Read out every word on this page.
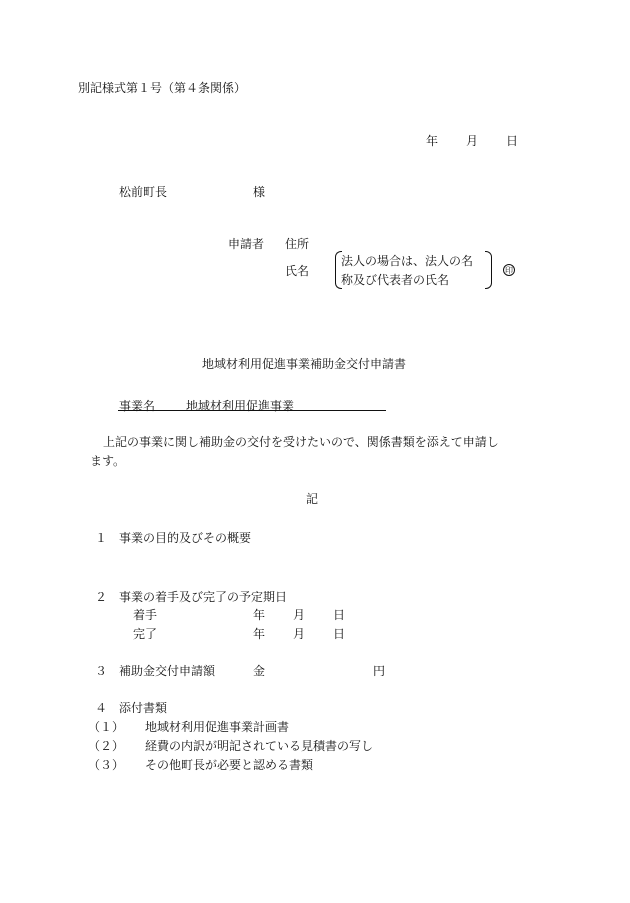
別記様式第１号（第４条関係）
年 月 日
松前町長	様
申請者 住所
氏名
法人の場合は、法人の名
称及び代表者の氏名
印
地域材利用促進事業補助金交付申請書
事業名	地域材利用促進事業
上記の事業に関し補助金の交付を受けたいので、関係書類を添えて申請し
ます。
記
１ 事業の目的及びその概要
２ 事業の着手及び完了の予定期日
着手	年 月 日
完了	年 月 日
３ 補助金交付申請額	金	円
４ 添付書類
（１） 地域材利用促進事業計画書
（２） 経費の内訳が明記されている見積書の写し
（３） その他町長が必要と認める書類
